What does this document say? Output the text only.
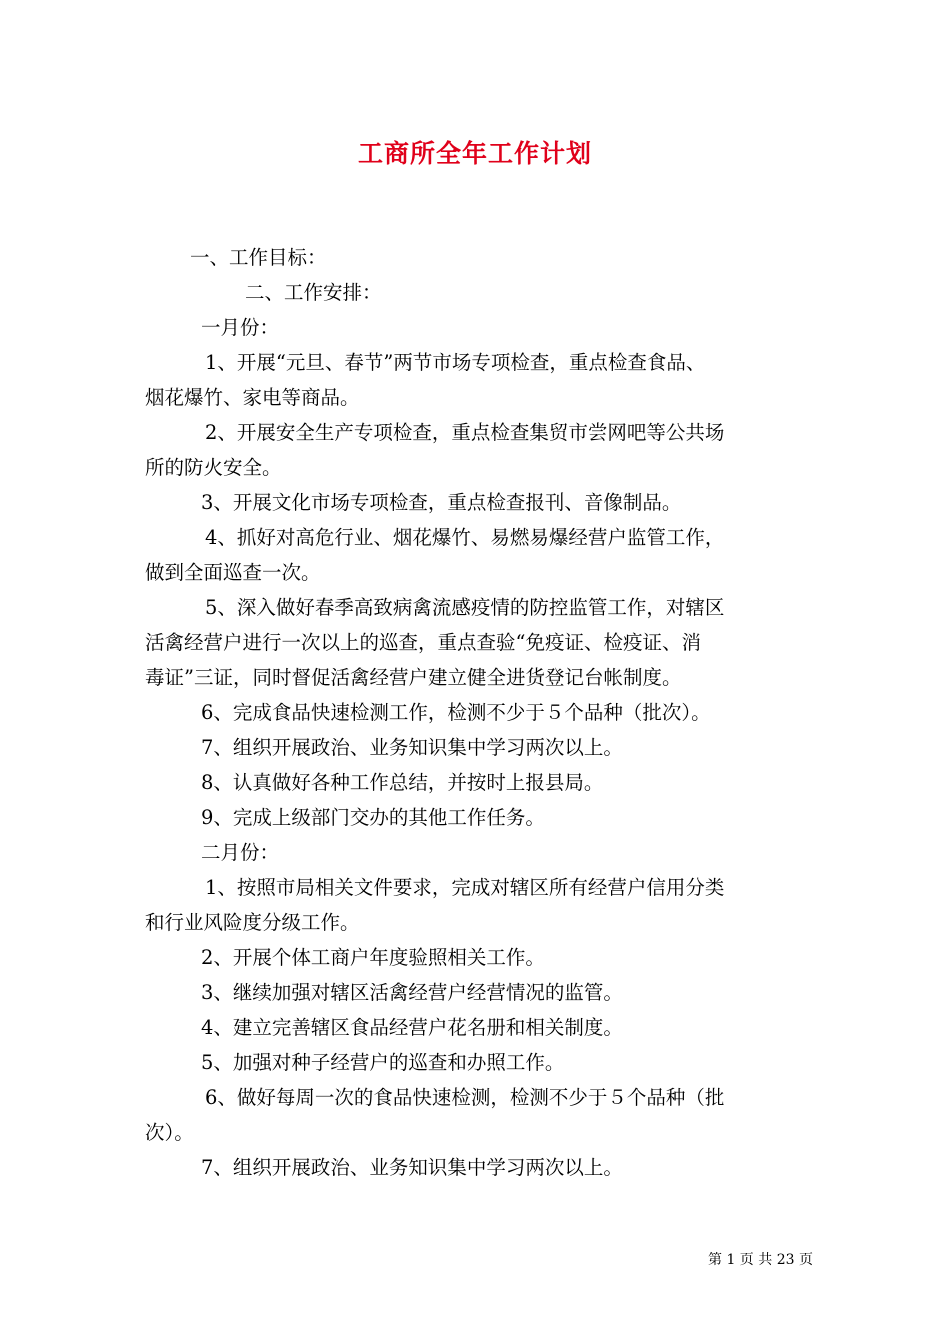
工商所全年工作计划

一、工作目标：

二、工作安排：

一月份：

1、开展“元旦、春节”两节市场专项检查，重点检查食品、
烟花爆竹、家电等商品。
2、开展安全生产专项检查，重点检查集贸市尝网吧等公共场
所的防火安全。
3、开展文化市场专项检查，重点检查报刊、音像制品。
4、抓好对高危行业、烟花爆竹、易燃易爆经营户监管工作，
做到全面巡查一次。
5、深入做好春季高致病禽流感疫情的防控监管工作，对辖区
活禽经营户进行一次以上的巡查，重点查验“免疫证、检疫证、消
毒证”三证，同时督促活禽经营户建立健全进货登记台帐制度。
6、完成食品快速检测工作，检测不少于５个品种（批次）。
7、组织开展政治、业务知识集中学习两次以上。
8、认真做好各种工作总结，并按时上报县局。
9、完成上级部门交办的其他工作任务。

二月份：

1、按照市局相关文件要求，完成对辖区所有经营户信用分类
和行业风险度分级工作。
2、开展个体工商户年度验照相关工作。
3、继续加强对辖区活禽经营户经营情况的监管。
4、建立完善辖区食品经营户花名册和相关制度。
5、加强对种子经营户的巡查和办照工作。
6、做好每周一次的食品快速检测，检测不少于５个品种（批
次）。
7、组织开展政治、业务知识集中学习两次以上。
第 1 页 共 23 页
